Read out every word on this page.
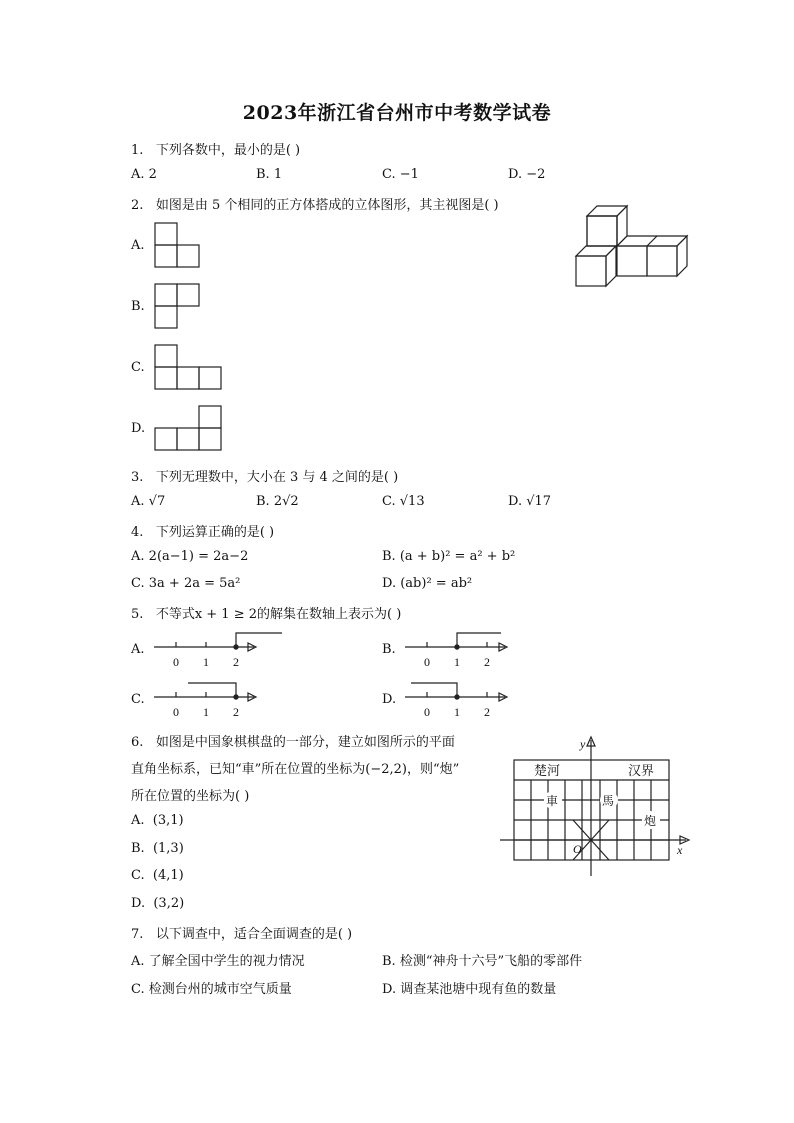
2023年浙江省台州市中考数学试卷
1. 下列各数中，最小的是( )
A. 2	B. 1	C. −1	D. −2
2. 如图是由 5 个相同的正方体搭成的立体图形，其主视图是( )
A.
B.
C.
D.
3. 下列无理数中，大小在 3 与 4 之间的是( )
A. √7	B. 2√2	C. √13	D. √17
4. 下列运算正确的是( )
A. 2(a−1) = 2a−2	B. (a + b)² = a² + b²
C. 3a + 2a = 5a²	D. (ab)² = ab²
5. 不等式x + 1 ≥ 2的解集在数轴上表示为( )
A.
0 1 2
B.
0 1 2
C.
0 1 2
D.
0 1 2
6. 如图是中国象棋棋盘的一部分，建立如图所示的平面
直角坐标系，已知“車”所在位置的坐标为(−2,2)，则“炮”
所在位置的坐标为( )
A. (3,1)
B. (1,3)
C. (4,1)
D. (3,2)
y
x
O
楚河	汉界
車	馬
炮
7. 以下调查中，适合全面调查的是( )
A. 了解全国中学生的视力情况	B. 检测“神舟十六号”飞船的零部件
C. 检测台州的城市空气质量	D. 调查某池塘中现有鱼的数量
